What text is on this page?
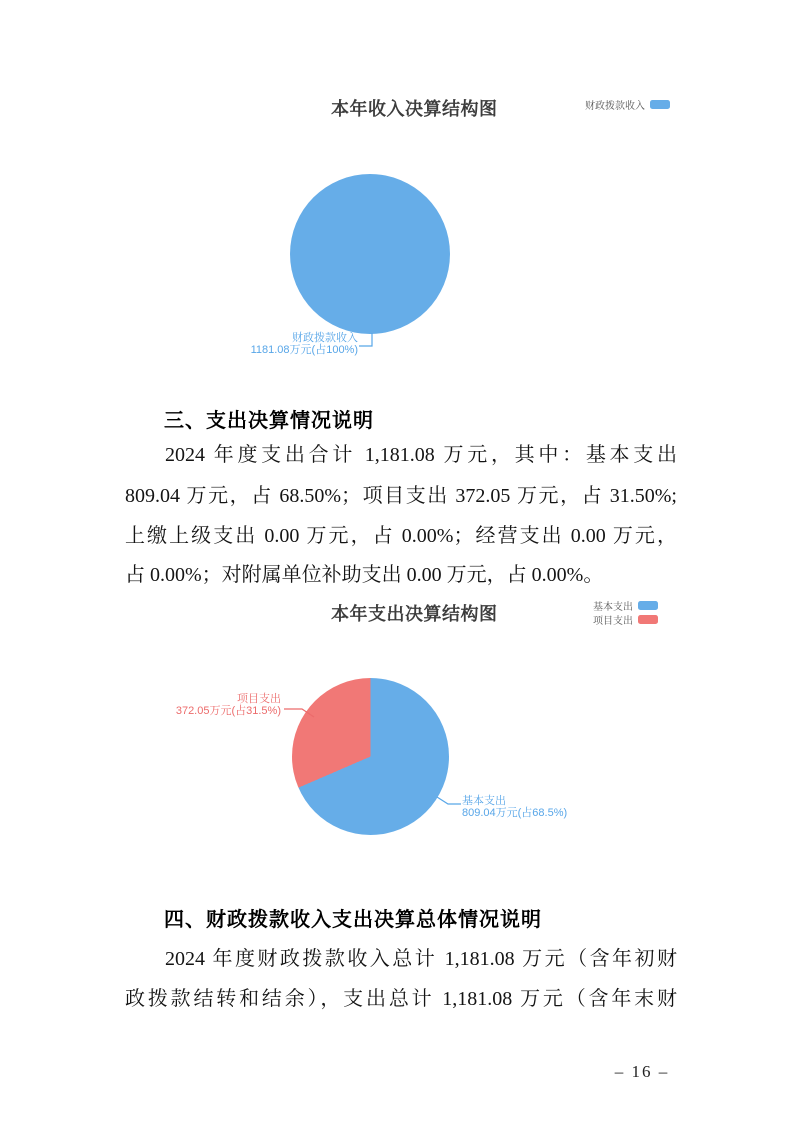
本年收入决算结构图	财政拨款收入
财政拨款收入
1181.08万元(占100%)
三、支出决算情况说明
2024 年度支出合计 1,181.08 万元，其中：基本支出
809.04 万元，占 68.50%；项目支出 372.05 万元，占 31.50%;
上缴上级支出 0.00 万元，占 0.00%；经营支出 0.00 万元，
占 0.00%；对附属单位补助支出 0.00 万元，占 0.00%。
本年支出决算结构图	基本支出
项目支出
项目支出
372.05万元(占31.5%)
基本支出
809.04万元(占68.5%)
四、财政拨款收入支出决算总体情况说明
2024 年度财政拨款收入总计 1,181.08 万元（含年初财
政拨款结转和结余），支出总计 1,181.08 万元（含年末财
– 16 –
